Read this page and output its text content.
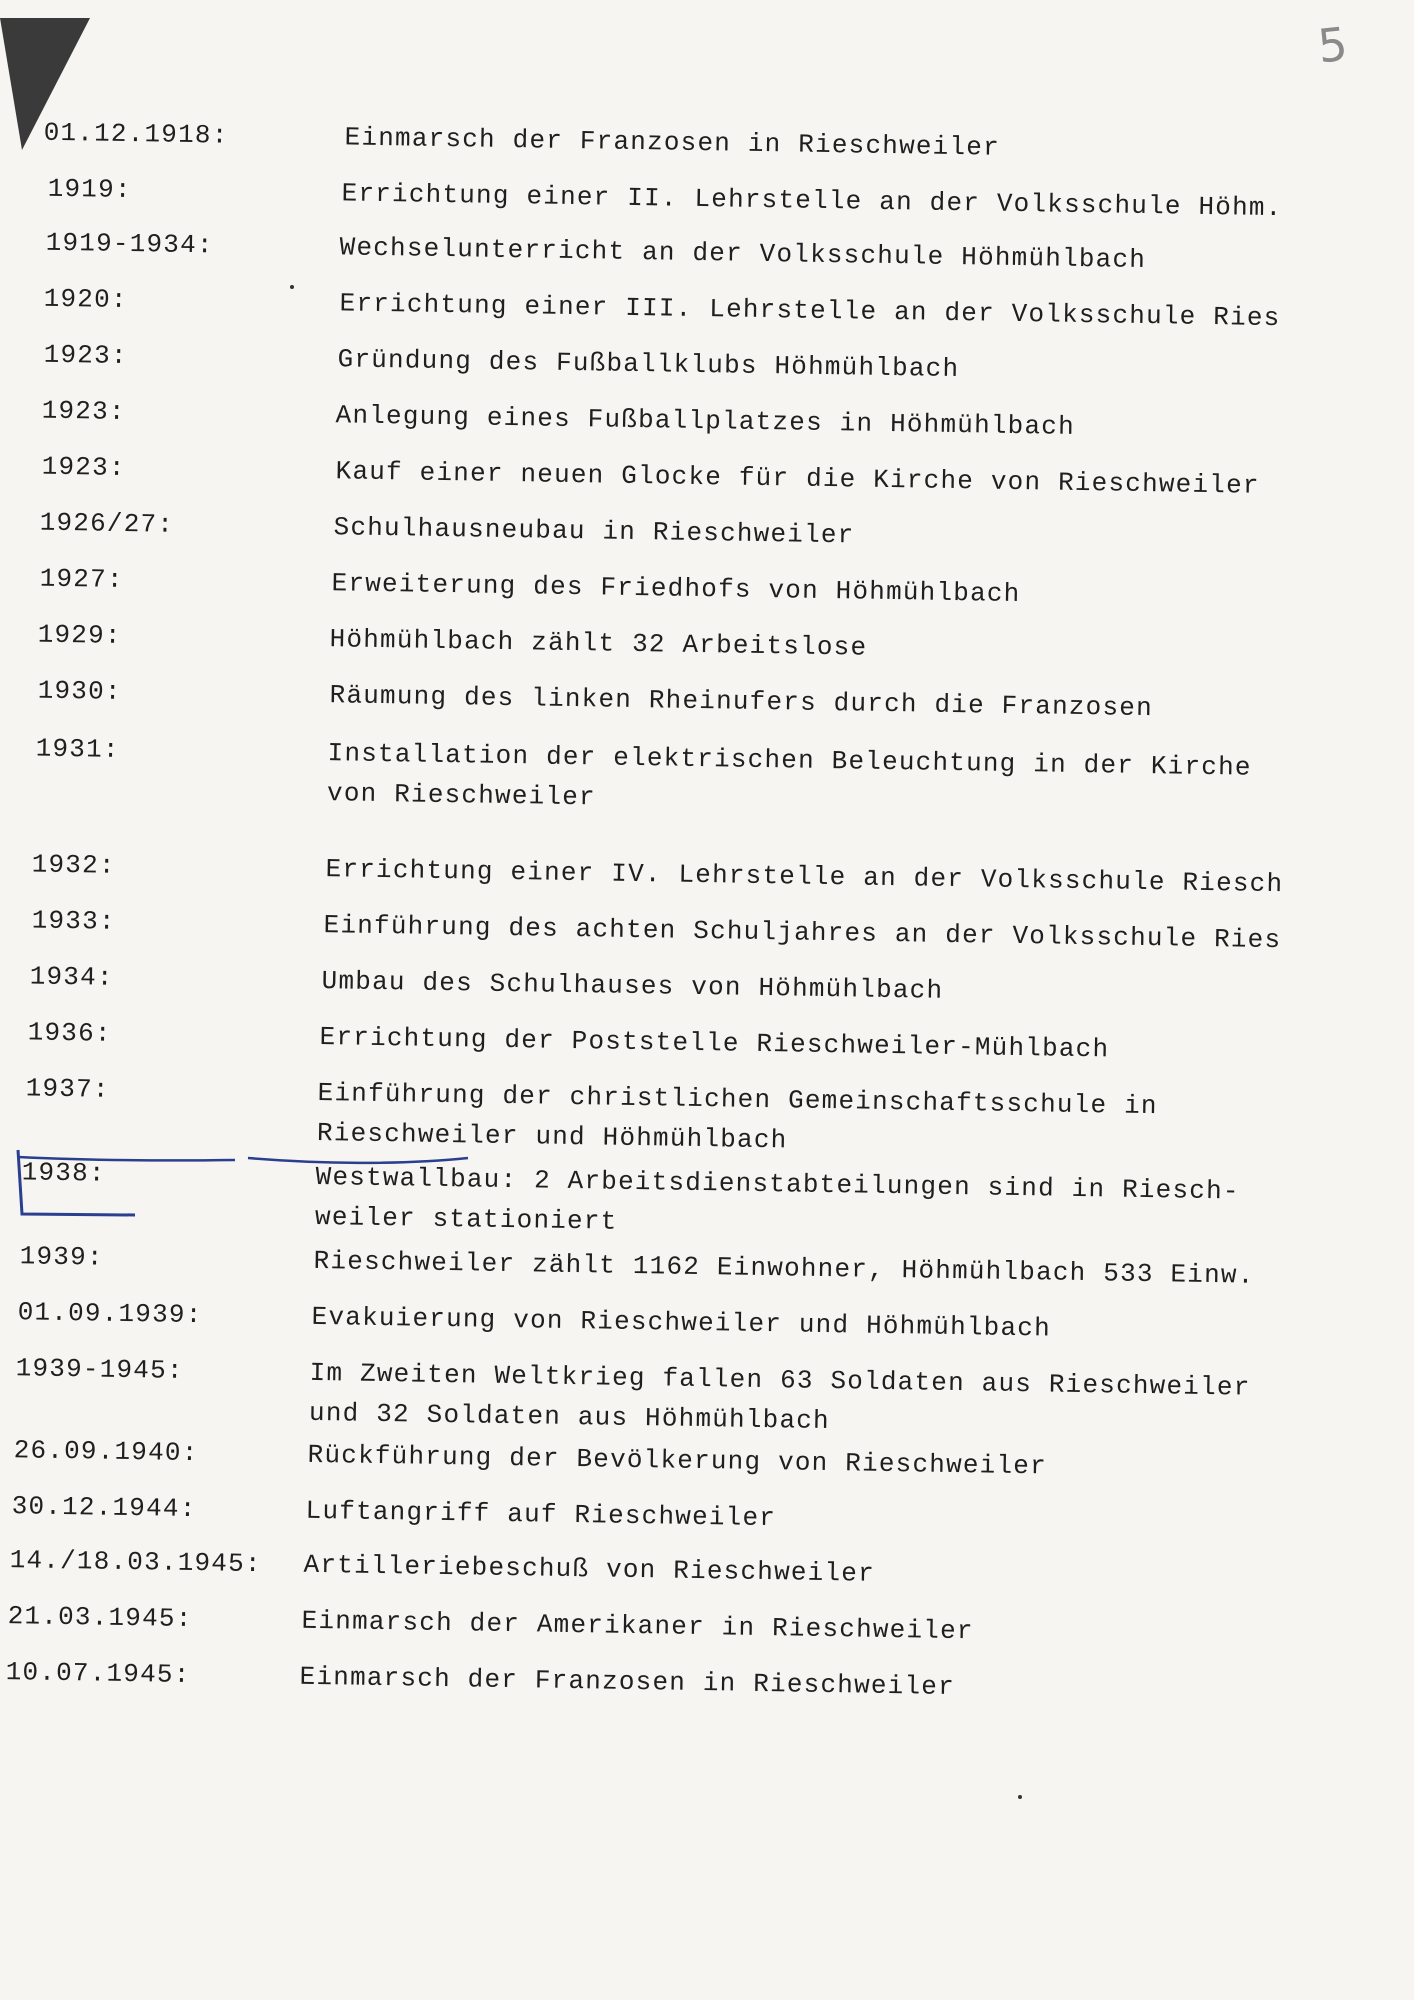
5
01.12.1918:	Einmarsch der Franzosen in Rieschweiler
1919:	Errichtung einer II. Lehrstelle an der Volksschule Höhm.
1919-1934:	Wechselunterricht an der Volksschule Höhmühlbach
1920:	Errichtung einer III. Lehrstelle an der Volksschule Ries
1923:	Gründung des Fußballklubs Höhmühlbach
1923:	Anlegung eines Fußballplatzes in Höhmühlbach
1923:	Kauf einer neuen Glocke für die Kirche von Rieschweiler
1926/27:	Schulhausneubau in Rieschweiler
1927:	Erweiterung des Friedhofs von Höhmühlbach
1929:	Höhmühlbach zählt 32 Arbeitslose
1930:	Räumung des linken Rheinufers durch die Franzosen
1931:	Installation der elektrischen Beleuchtung in der Kirche
von Rieschweiler
1932:	Errichtung einer IV. Lehrstelle an der Volksschule Riesch
1933:	Einführung des achten Schuljahres an der Volksschule Ries
1934:	Umbau des Schulhauses von Höhmühlbach
1936:	Errichtung der Poststelle Rieschweiler-Mühlbach
1937:	Einführung der christlichen Gemeinschaftsschule in
Rieschweiler und Höhmühlbach
1938:	Westwallbau: 2 Arbeitsdienstabteilungen sind in Riesch-
weiler stationiert
1939:	Rieschweiler zählt 1162 Einwohner, Höhmühlbach 533 Einw.
01.09.1939:	Evakuierung von Rieschweiler und Höhmühlbach
1939-1945:	Im Zweiten Weltkrieg fallen 63 Soldaten aus Rieschweiler
und 32 Soldaten aus Höhmühlbach
26.09.1940:	Rückführung der Bevölkerung von Rieschweiler
30.12.1944:	Luftangriff auf Rieschweiler
14./18.03.1945: Artilleriebeschuß von Rieschweiler
21.03.1945:	Einmarsch der Amerikaner in Rieschweiler
10.07.1945:	Einmarsch der Franzosen in Rieschweiler
